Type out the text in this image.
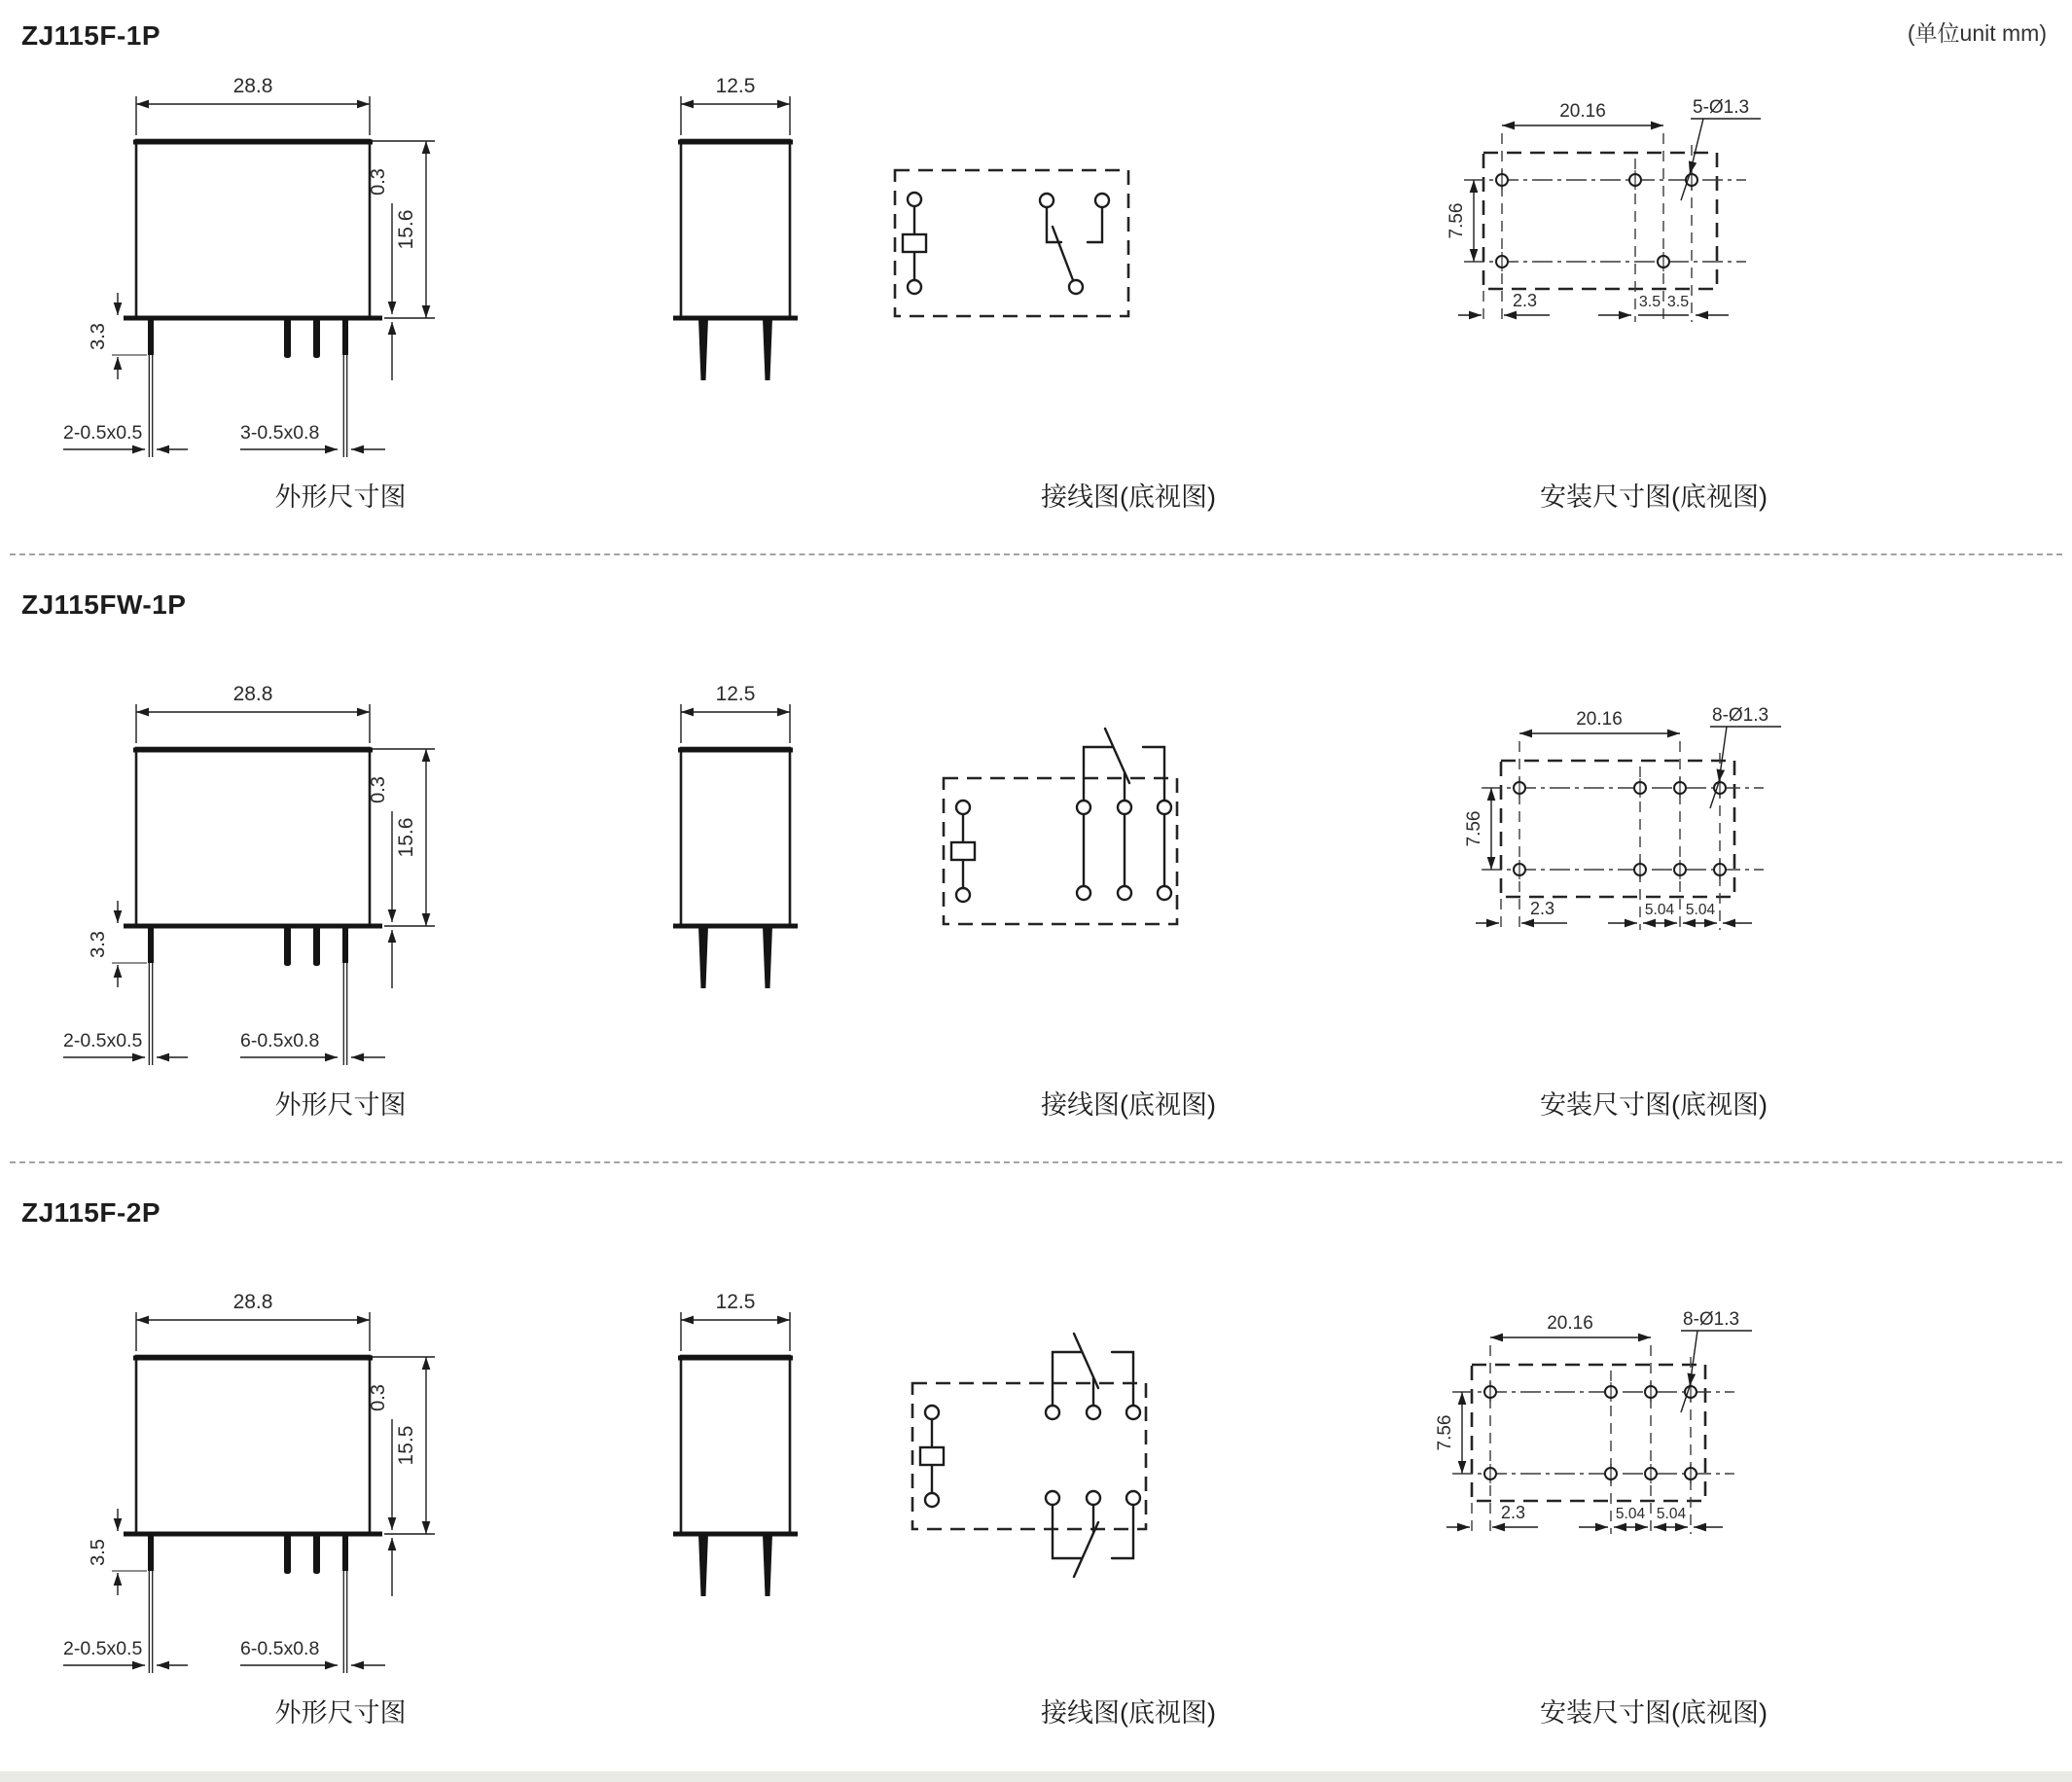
(单位unit mm)
ZJ115F-1P
28.8
15.6
0.3
3.3
2-0.5x0.5	3-0.5x0.8
12.5
20.16
7.56
2.3	3.5 3.5
5-Ø1.3
外形尺寸图	接线图(底视图)	安装尺寸图(底视图)
ZJ115FW-1P
28.8
15.6
0.3
3.3
2-0.5x0.5	6-0.5x0.8
12.5
20.16
7.56
2.3	5.04 5.04
8-Ø1.3
外形尺寸图	接线图(底视图)	安装尺寸图(底视图)
ZJ115F-2P
28.8
15.5
0.3
3.5
2-0.5x0.5	6-0.5x0.8
12.5
20.16
7.56
2.3	5.04 5.04
8-Ø1.3
外形尺寸图	接线图(底视图)	安装尺寸图(底视图)
